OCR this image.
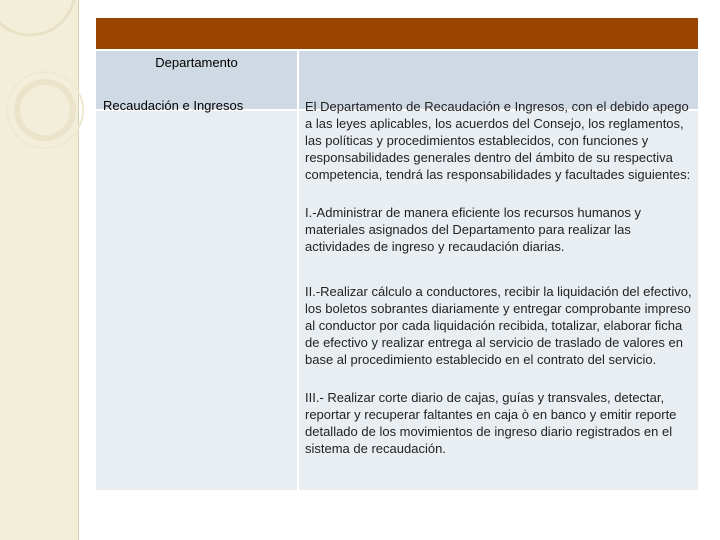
Departamento
Recaudación e Ingresos	El Departamento de Recaudación e Ingresos, con el debido apego a las leyes aplicables, los acuerdos del Consejo, los reglamentos, las políticas y procedimientos establecidos, con funciones y responsabilidades generales dentro del ámbito de su respectiva competencia, tendrá las responsabilidades y facultades siguientes:

I.-Administrar de manera eficiente los recursos humanos y materiales asignados del Departamento para realizar las actividades de ingreso y recaudación diarias.

II.-Realizar cálculo a conductores, recibir la liquidación del efectivo, los boletos sobrantes diariamente y entregar comprobante impreso al conductor por cada liquidación recibida, totalizar, elaborar ficha de efectivo y realizar entrega al servicio de traslado de valores en base al procedimiento establecido en el contrato del servicio.

III.- Realizar corte diario de cajas, guías y transvales, detectar, reportar y recuperar faltantes en caja ò en banco y emitir reporte detallado de los movimientos de ingreso diario registrados en el sistema de recaudación.
